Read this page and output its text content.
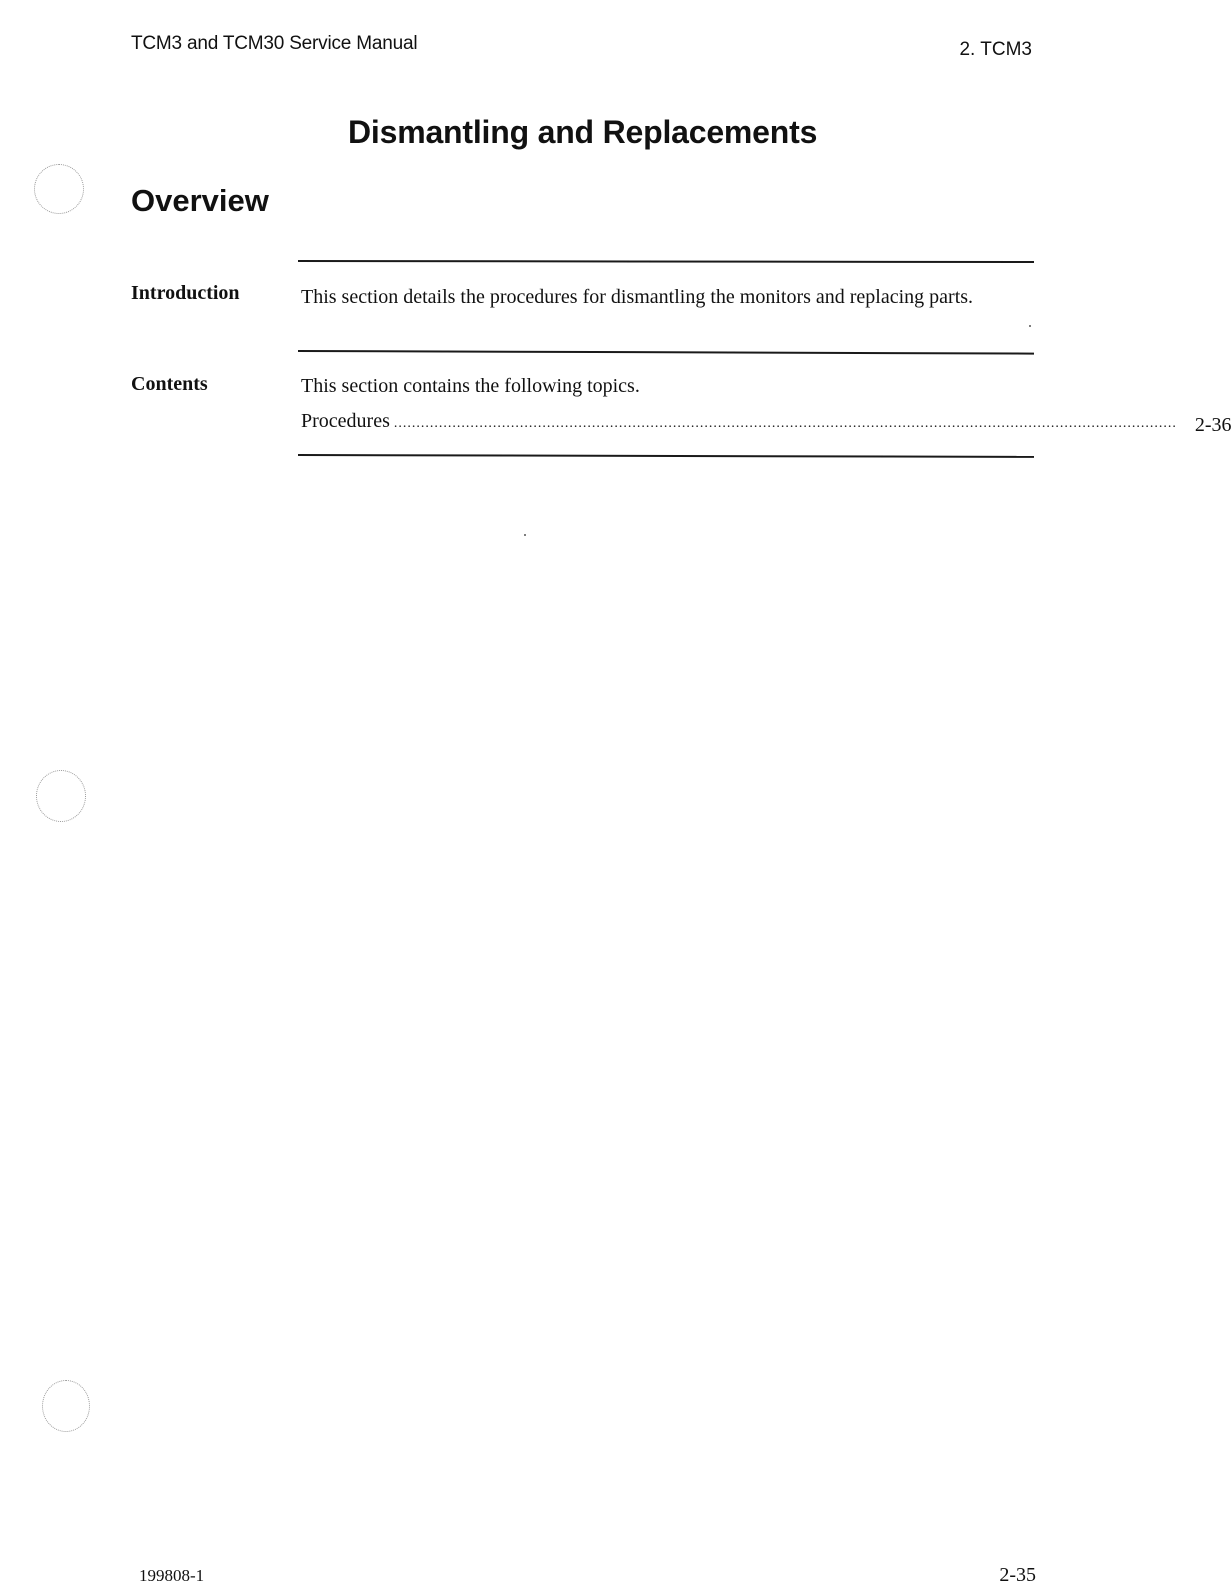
TCM3 and TCM30 Service Manual	2. TCM3
Dismantling and Replacements
Overview
Introduction	This section details the procedures for dismantling the monitors and replacing parts.
Contents	This section contains the following topics.
Procedures .............................................................................................................................................................................. 2-36
199808-1	2-35
